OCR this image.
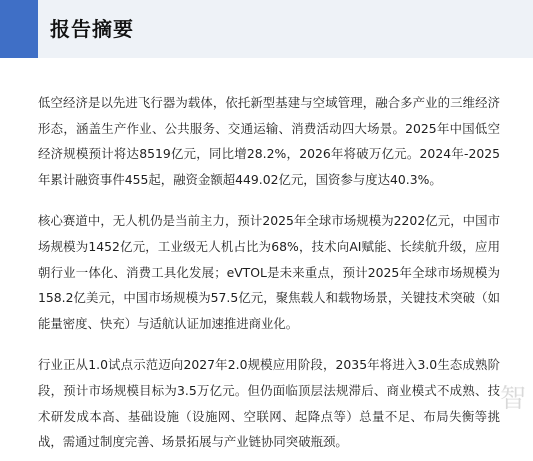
报告摘要

低空经济是以先进飞行器为载体，依托新型基建与空域管理，融合多产业的三维经济形态，涵盖生产作业、公共服务、交通运输、消费活动四大场景。2025年中国低空经济规模预计将达8519亿元，同比增28.2%，2026年将破万亿元。2024年-2025年累计融资事件455起，融资金额超449.02亿元，国资参与度达40.3%。

核心赛道中，无人机仍是当前主力，预计2025年全球市场规模为2202亿元，中国市场规模为1452亿元，工业级无人机占比为68%，技术向AI赋能、长续航升级，应用朝行业一体化、消费工具化发展；eVTOL是未来重点，预计2025年全球市场规模为158.2亿美元，中国市场规模为57.5亿元，聚焦载人和载物场景，关键技术突破（如能量密度、快充）与适航认证加速推进商业化。

行业正从1.0试点示范迈向2027年2.0规模应用阶段，2035年将进入3.0生态成熟阶段，预计市场规模目标为3.5万亿元。但仍面临顶层法规滞后、商业模式不成熟、技术研发成本高、基础设施（设施网、空联网、起降点等）总量不足、布局失衡等挑战，需通过制度完善、场景拓展与产业链协同突破瓶颈。

智
